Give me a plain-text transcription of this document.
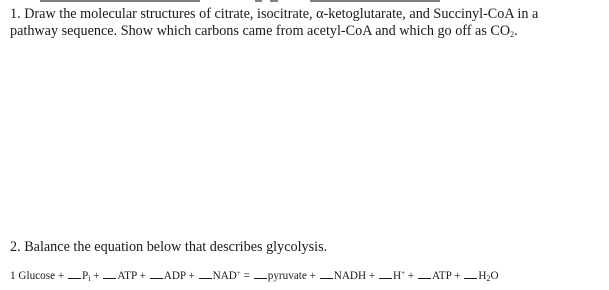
1. Draw the molecular structures of citrate, isocitrate, α-ketoglutarate, and Succinyl-CoA in a
pathway sequence. Show which carbons came from acetyl-CoA and which go off as $CO_2$.
2. Balance the equation below that describes glycolysis.
1 $Glucose + P_i$ + ATP + ADP + NAD+ = pyruvate + NADH + H+ + ATP + $H_2O$
